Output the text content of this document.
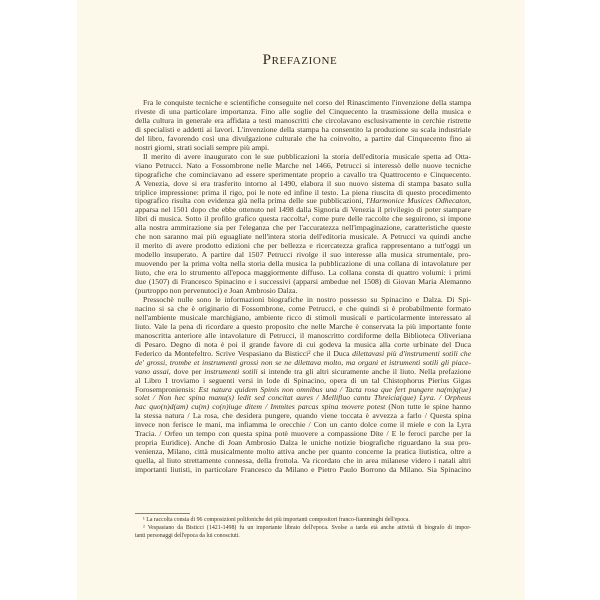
Prefazione
Fra le conquiste tecniche e scientifiche conseguite nel corso del Rinascimento l'invenzione della stampa
riveste di una particolare importanza. Fino alle soglie del Cinquecento la trasmissione della musica e
della cultura in generale era affidata a testi manoscritti che circolavano esclusivamente in cerchie ristrette
di specialisti e addetti ai lavori. L'invenzione della stampa ha consentito la produzione su scala industriale
del libro, favorendo così una divulgazione culturale che ha coinvolto, a partire dal Cinquecento fino ai
nostri giorni, strati sociali sempre più ampi.
Il merito di avere inaugurato con le sue pubblicazioni la storia dell'editoria musicale spetta ad Otta-
viano Petrucci. Nato a Fossombrone nelle Marche nel 1466, Petrucci si interessò delle nuove tecniche
tipografiche che cominciavano ad essere sperimentate proprio a cavallo tra Quattrocento e Cinquecento.
A Venezia, dove si era trasferito intorno al 1490, elabora il suo nuovo sistema di stampa basato sulla
triplice impressione: prima il rigo, poi le note ed infine il testo. La piena riuscita di questo procedimento
tipografico risulta con evidenza già nella prima delle sue pubblicazioni, l'Harmonice Musices Odhecaton,
apparsa nel 1501 dopo che ebbe ottenuto nel 1498 dalla Signoria di Venezia il privilegio di poter stampare
libri di musica. Sotto il profilo grafico questa raccolta¹, come pure delle raccolte che seguirono, si impone
alla nostra ammirazione sia per l'eleganza che per l'accuratezza nell'impaginazione, caratteristiche queste
che non saranno mai più eguagliate nell'intera storia dell'editoria musicale. A Petrucci va quindi anche
il merito di avere prodotto edizioni che per bellezza e ricercatezza grafica rappresentano a tutt'oggi un
modello insuperato. A partire dal 1507 Petrucci rivolge il suo interesse alla musica strumentale, pro-
muovendo per la prima volta nella storia della musica la pubblicazione di una collana di intavolature per
liuto, che era lo strumento all'epoca maggiormente diffuso. La collana consta di quattro volumi: i primi
due (1507) di Francesco Spinacino e i successivi (apparsi ambedue nel 1508) di Giovan Maria Alemanno
(purtroppo non pervenutoci) e Joan Ambrosio Dalza.
Pressochè nulle sono le informazioni biografiche in nostro possesso su Spinacino e Dalza. Di Spi-
nacino si sa che è originario di Fossombrone, come Petrucci, e che quindi si è probabilmente formato
nell'ambiente musicale marchigiano, ambiente ricco di stimoli musicali e particolarmente interessato al
liuto. Vale la pena di ricordare a questo proposito che nelle Marche è conservata la più importante fonte
manoscritta anteriore alle intavolature di Petrucci, il manoscritto cordiforme della Biblioteca Oliveriana
di Pesaro. Degno di nota è poi il grande favore di cui godeva la musica alla corte urbinate del Duca
Federico da Montefeltro. Scrive Vespasiano da Bisticci² che il Duca dilettavasi più d'instrumenti sotili che
de' grossi, trombe et instrumenti grossi non se ne dilettava molto, ma organi et istrumenti sotili gli piace-
vano assai, dove per instrumenti sotili si intende tra gli altri sicuramente anche il liuto. Nella prefazione
al Libro I troviamo i seguenti versi in lode di Spinacino, opera di un tal Chistophorus Pierius Gigas
Forosemproniensis: Est natura quidem Spinis non omnibus una / Tacta rosa que fert pungere na(m)q(ue)
solet / Non hec spina manu(s) ledit sed concitat aures / Mellifluo cantu Threicia(que) Lyra. / Orpheus
hac quo(n)d(am) cu(m) co(n)iuge ditem / Immites parcas spina movere potest (Non tutte le spine hanno
la stessa natura / La rosa, che desidera pungere, quando viene toccata è avvezza a farlo / Questa spina
invece non ferisce le mani, ma infiamma le orecchie / Con un canto dolce come il miele e con la Lyra
Tracia. / Orfeo un tempo con questa spina potè muovere a compassione Dite / E le feroci parche per la
propria Euridice). Anche di Joan Ambrosio Dalza le uniche notizie biografiche riguardano la sua pro-
venienza, Milano, città musicalmente molto attiva anche per quanto concerne la pratica liutistica, oltre a
quella, al liuto strettamente connessa, della frottola. Va ricordato che in area milanese videro i natali altri
importanti liutisti, in particolare Francesco da Milano e Pietro Paulo Borrono da Milano. Sia Spinacino
¹ La raccolta consta di 96 composizioni polifoniche dei più importanti compositori franco-fiamminghi dell'epoca.
² Vespasiano da Bisticci (1421-1498) fu un importante libraio dell'epoca. Svolse a tarda età anche attività di biografo di impor-
tanti personaggi dell'epoca da lui conosciuti.
